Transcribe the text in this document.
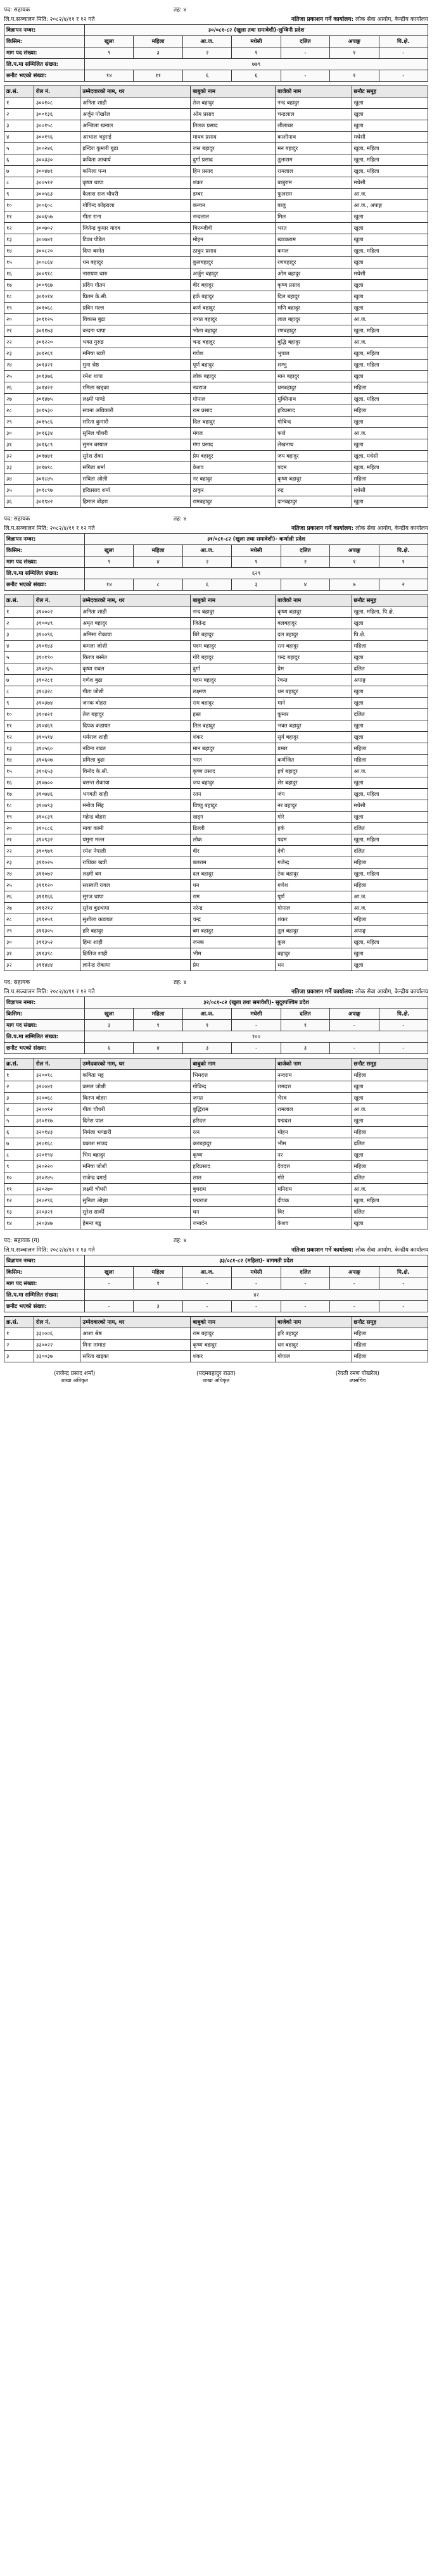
पद: सहायक	तह: ४
लि.प.सञ्चालन मिति: २०८२/४/११ र १२ गते	नतिजा प्रकाशन गर्ने कार्यालय: लोक सेवा आयोग, केन्द्रीय कार्यालय
विज्ञापन नम्बर:	३०/०८१-८२ (खुला तथा समावेशी)-लुम्बिनी प्रदेश						
किसिम:	खुला	महिला	आ.ज.	मधेसी	दलित	अपाङ्ग	पि.क्षे.
माग पद संख्या:	९	३	२	१	-	१	-
लि.प.मा सम्मिलित संख्या:	७७९						
छनौट भएको संख्या:	१४	११	६	६	-	१	-
क्र.सं.	रोल नं.	उम्मेदवारको नाम, थर	बाबुको नाम	बाजेको नाम	छनौट समूह
१	३००१०८	अनिता शाही	तेज बहादुर	नन्द बहादुर	खुला
२	३००१३६	अर्जुन पोखरेल	ओम प्रसाद	चन्द्रलाल	खुला
३	३००१५८	अन्जिला खनाल	तिलक प्रसाद	लीलाधर	खुला
४	३००१९६	आभाश भट्टराई	माधव प्रसाद	काशीनाथ	मधेसी
५	३००२४६	इन्दिरा कुमारी बुढा	जस बहादुर	मन बहादुर	खुला, महिला
६	३००३३०	कविता आचार्य	दुर्गा प्रसाद	तुलाराम	खुला, महिला
७	३००४७१	कमिला पन्थ	हिम प्रसाद	रामलाल	खुला, महिला
८	३००५१२	कृष्ण थापा	शंकर	बाबुराम	मधेसी
९	३००५६३	कैलाश राज चौधरी	डम्बर	फुलराम	आ.ज.
१०	३००६०८	गोविन्द कोइराला	कन्चन	बालु	आ.ज., अपाङ्ग
११	३००६५७	गीता राना	नन्दलाल	मिल	खुला
१२	३००७०२	जितेन्द्र कुमार यादव	चिरञ्जीवी	भरत	खुला
१३	३००७४१	टिका पौडेल	मोहन	खडकराम	खुला
१४	३००८२०	दिपा बस्नेत	ठाकुर प्रसाद	कमल	खुला, महिला
१५	३००८६४	धन बहादुर	कुलबहादुर	रणबहादुर	खुला
१६	३००९१८	नारायण थारु	अर्जुन बहादुर	ओम बहादुर	मधेसी
१७	३००९६७	प्रदिप गौतम	वीर बहादुर	कृष्ण प्रसाद	खुला
१८	३०१०१४	प्रितम के.सी.	हर्क बहादुर	दिल बहादुर	खुला
१९	३०१०६८	प्रविन मल्ल	कर्ण बहादुर	मणि बहादुर	खुला
२०	३०११२५	विकास बुढा	जगत बहादुर	लाल बहादुर	आ.ज.
२१	३०११७३	बन्दना थापा	भोला बहादुर	रणबहादुर	खुला, महिला
२२	३०१२२०	भक्त गुरुङ	चन्द्र बहादुर	बुद्धि बहादुर	आ.ज.
२३	३०१२६९	मनिषा खत्री	गणेश	भुपाल	खुला, महिला
२४	३०१३२१	मुना श्रेष्ठ	पूर्ण बहादुर	शम्भु	खुला, महिला
२५	३०१३७६	रमेश थापा	लोक बहादुर	मान बहादुर	खुला
२६	३०१४२२	रमिला खड्का	नवराज	धनबहादुर	महिला
२७	३०१४७५	लक्ष्मी पाण्डे	गोपाल	मुक्तिनाथ	खुला, महिला
२८	३०१५३०	सपना अधिकारी	राम प्रसाद	हरिप्रसाद	महिला
२९	३०१५८६	सरिता कुमारी	दिल बहादुर	गोबिन्द	खुला
३०	३०१६३४	सुनिल चौधरी	मंगल	फत्ते	आ.ज.
३१	३०१६८९	सुमन बस्याल	गंगा प्रसाद	लेखनाथ	खुला
३२	३०१७४१	सुरेश रोका	प्रेम बहादुर	जय बहादुर	खुला, मधेसी
३३	३०१७९८	संगिता शर्मा	केशव	पदम	खुला, महिला
३४	३०१८४५	सविता ओली	नर बहादुर	कृष्ण बहादुर	महिला
३५	३०१८९७	हरिप्रसाद शर्मा	ठाकुर	रुद्र	मधेसी
३६	३०१९४२	हिमाल बोहरा	रामबहादुर	दानबहादुर	खुला
पद: सहायक	तह: ४
लि.प.सञ्चालन मिति: २०८२/४/११ र १२ गते	नतिजा प्रकाशन गर्ने कार्यालय: लोक सेवा आयोग, केन्द्रीय कार्यालय
विज्ञापन नम्बर:	३१/०८१-८२ (खुला तथा समावेशी)- कर्णाली प्रदेश						
किसिम:	खुला	महिला	आ.ज.	मधेसी	दलित	अपाङ्ग	पि.क्षे.
माग पद संख्या:	९	४	२	१	२	१	१
लि.प.मा सम्मिलित संख्या:	६२९						
छनौट भएको संख्या:	१४	८	६	३	४	७	२
क्र.सं.	रोल नं.	उम्मेदवारको नाम, थर	बाबुको नाम	बाजेको नाम	छनौट समूह
१	३१०००२	अनिता शाही	नन्द बहादुर	कृष्ण बहादुर	खुला, महिला, पि.क्षे.
२	३१००४९	अमृत बहादुर	जितेन्द्र	बलबहादुर	खुला
३	३१००९६	अमिसा रोकाया	बिरे बहादुर	दल बहादुर	पि.क्षे.
४	३१०१४३	कमला जोशी	पदम बहादुर	रत्न बहादुर	महिला
५	३१०१९०	किरण बस्नेत	गोरे बहादुर	चन्द्र बहादुर	खुला
६	३१०२३५	कृष्ण रावल	दुर्गा	प्रेम	दलित
७	३१०२८१	गणेश बुढा	पदम बहादुर	रेवन्त	अपाङ्ग
८	३१०३२८	गीता जोशी	लक्ष्मण	धन बहादुर	खुला
९	३१०३७४	जनक बोहरा	राम बहादुर	माने	खुला
१०	३१०४२१	तेज बहादुर	हस्त	कुमार	दलित
११	३१०४६९	दिपक कडायत	तिल बहादुर	भक्त बहादुर	खुला
१२	३१०५१४	धर्मराज शाही	शंकर	सुर्य बहादुर	खुला
१३	३१०५६०	नविना रावत	मान बहादुर	डम्बर	महिला
१४	३१०६०७	प्रमिला बुढा	भरत	कर्णजित	महिला
१५	३१०६५३	विनोद के.सी.	कृष्ण प्रसाद	हर्ष बहादुर	आ.ज.
१६	३१०७००	बसन्त रोकाया	जय बहादुर	शेर बहादुर	खुला
१७	३१०७४६	भगवती शाही	रतन	जंग	खुला, महिला
१८	३१०७९३	मनोज सिंह	विष्णु बहादुर	नर बहादुर	मधेसी
१९	३१०८३९	महेन्द्र बोहरा	खड्ग	गोरे	खुला
२०	३१०८८६	माया कामी	डिल्ली	हर्क	दलित
२१	३१०९३२	यमुना मल्ल	लोक	पदम	खुला, महिला
२२	३१०९७९	रमेश नेपाली	वीर	देवी	दलित
२३	३११०२५	राधिका खत्री	बलराम	गजेन्द्र	महिला
२४	३११०७२	लक्ष्मी बम	दल बहादुर	टेक बहादुर	खुला, महिला
२५	३१११२०	सरस्वती रावल	धन	गणेश	महिला
२६	३१११६६	सुरज थापा	राम	पूर्ण	आ.ज.
२७	३११२१२	सुरेश बुढथापा	नरेन्द्र	गोपाल	आ.ज.
२८	३११२५९	सुशीला कडायत	चन्द्र	शंकर	महिला
२९	३११३०५	हरि बहादुर	बम बहादुर	तुल बहादुर	अपाङ्ग
३०	३११३५२	हिमा शाही	जनक	कुल	खुला, महिला
३१	३११३९८	क्षितिज शाही	भीम	बहादुर	खुला
३२	३११४४४	ज्ञानेन्द्र रोकाया	प्रेम	धन	खुला
पद: सहायक	तह: ४
लि.प.सञ्चालन मिति: २०८२/४/११ र १२ गते	नतिजा प्रकाशन गर्ने कार्यालय: लोक सेवा आयोग, केन्द्रीय कार्यालय
विज्ञापन नम्बर:	३२/०८१-८२ (खुला तथा समावेशी)- सुदूरपश्चिम प्रदेश						
किसिम:	खुला	महिला	आ.ज.	मधेसी	दलित	अपाङ्ग	पि.क्षे.
माग पद संख्या:	३	१	१	-	१	-	-
लि.प.मा सम्मिलित संख्या:	१००						
छनौट भएको संख्या:	६	४	३	-	३	-	-
क्र.सं.	रोल नं.	उम्मेदवारको नाम, थर	बाबुको नाम	बाजेको नाम	छनौट समूह
१	३२००१८	कविता भट्ट	भिमदत्त	नन्दराम	महिला
२	३२००४१	कमल जोशी	गोविन्द	रामदत्त	खुला
३	३२००६८	किरण बोहरा	जगत	भैरव	खुला
४	३२००९२	गीता चौधरी	बुद्धिराम	रामलाल	आ.ज.
५	३२०११७	दिनेश पाल	हरिदत्त	पद्मदत्त	खुला
६	३२०१४३	निर्मला भण्डारी	रत्न	मोहन	महिला
७	३२०१६८	प्रकाश साउद	करबहादुर	भीम	दलित
८	३२०१९४	भिम बहादुर	कृष्ण	नर	खुला
९	३२०२२०	मनिषा जोशी	हरिप्रसाद	देवदत्त	महिला
१०	३२०२४५	राजेन्द्र दमाई	लाल	गोरे	दलित
११	३२०२७०	लक्ष्मी चौधरी	बुधराम	मनिराम	आ.ज.
१२	३२०२९६	सुनिता ओझा	पद्मराज	दीपक	खुला, महिला
१३	३२०३२१	सुरेश सार्की	धन	विर	दलित
१४	३२०३४७	हेमन्त बडु	जनार्दन	केशव	खुला
पद: सहायक (ग)	तह: ४
लि.प.सञ्चालन मिति: २०८२/४/१२ र १३ गते	नतिजा प्रकाशन गर्ने कार्यालय: लोक सेवा आयोग, केन्द्रीय कार्यालय
विज्ञापन नम्बर:	३३/०८१-८२ (महिला)- बागमती प्रदेश						
किसिम:	खुला	महिला	आ.ज.	मधेसी	दलित	अपाङ्ग	पि.क्षे.
माग पद संख्या:	-	१	-	-	-	-	-
लि.प.मा सम्मिलित संख्या:	४२						
छनौट भएको संख्या:	-	३	-	-	-	-	-
क्र.सं.	रोल नं.	उम्मेदवारको नाम, थर	बाबुको नाम	बाजेको नाम	छनौट समूह
१	३३०००६	आशा श्रेष्ठ	राम बहादुर	हरि बहादुर	महिला
२	३३००२२	मिना तामाङ	कृष्ण बहादुर	धन बहादुर	महिला
३	३३००३७	सरिता खड्का	शंकर	गोपाल	महिला
(राजेन्द्र प्रसाद शर्मा)
शाखा अधिकृत
(पदमबहादुर राउत)
शाखा अधिकृत
(रेवती रमण पोखरेल)
उपसचिव
